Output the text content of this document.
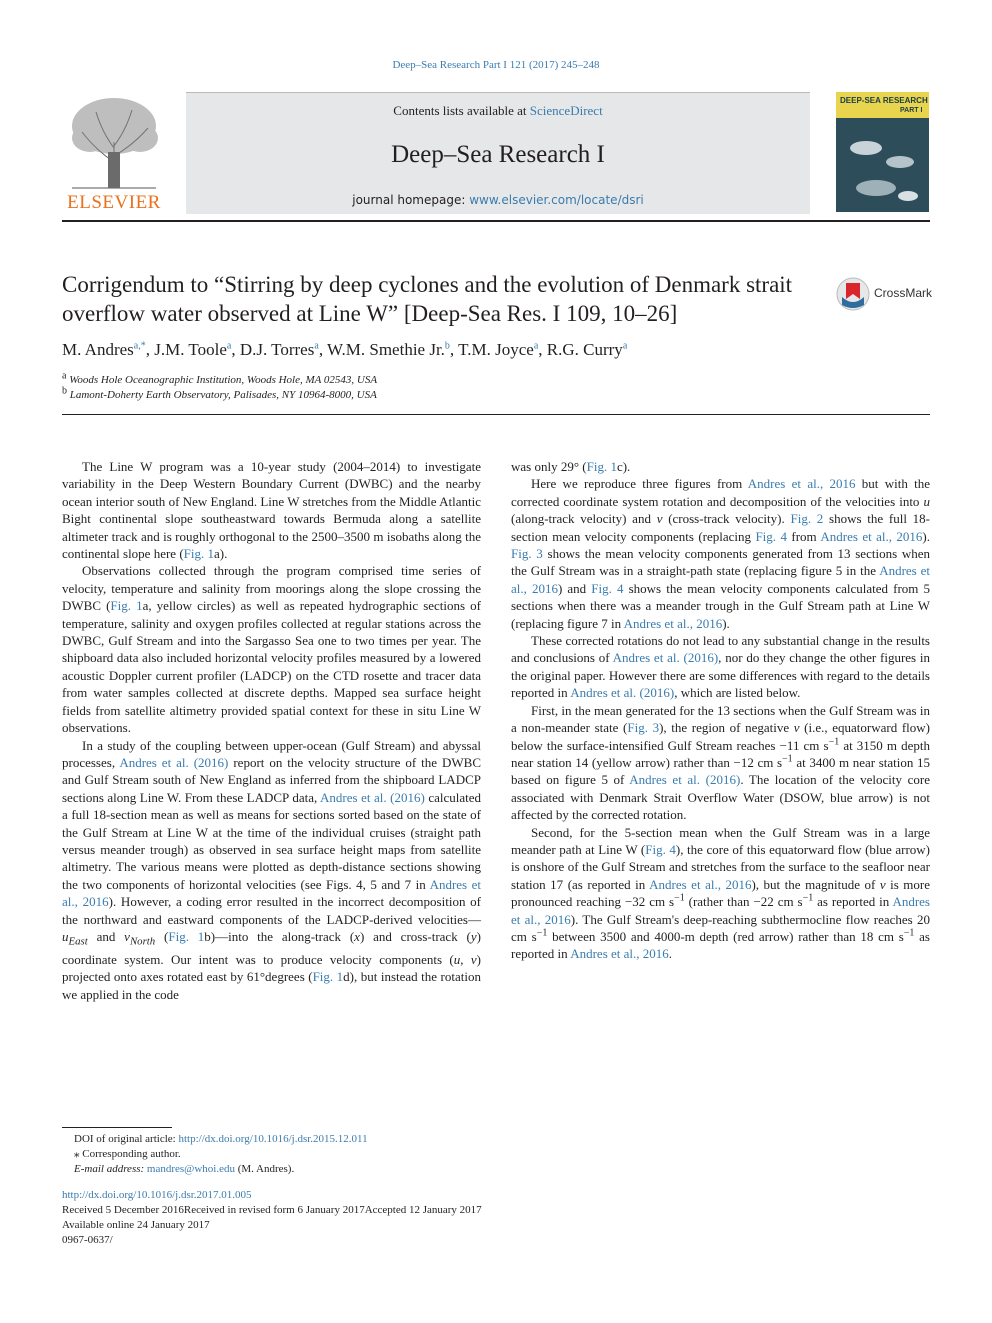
Deep–Sea Research Part I 121 (2017) 245–248
ELSEVIER
Contents lists available at ScienceDirect
Deep–Sea Research I
journal homepage: www.elsevier.com/locate/dsri
DEEP-SEA RESEARCH
PART I
Corrigendum to “Stirring by deep cyclones and the evolution of Denmark strait overflow water observed at Line W” [Deep-Sea Res. I 109, 10–26]
CrossMark
M. Andres$^{a,*}$, J.M. Toole$^a$, D.J. Torres$^a$, W.M. Smethie Jr.$^b$, T.M. Joyce$^a$, R.G. Curry$^a$
$^a$ Woods Hole Oceanographic Institution, Woods Hole, MA 02543, USA
$^b$ Lamont-Doherty Earth Observatory, Palisades, NY 10964-8000, USA

The Line W program was a 10-year study (2004–2014) to investigate variability in the Deep Western Boundary Current (DWBC) and the nearby ocean interior south of New England. Line W stretches from the Middle Atlantic Bight continental slope southeastward towards Bermuda along a satellite altimeter track and is roughly orthogonal to the 2500–3500 m isobaths along the continental slope here (Fig. 1a).

Observations collected through the program comprised time series of velocity, temperature and salinity from moorings along the slope crossing the DWBC (Fig. 1a, yellow circles) as well as repeated hydrographic sections of temperature, salinity and oxygen profiles collected at regular stations across the DWBC, Gulf Stream and into the Sargasso Sea one to two times per year. The shipboard data also included horizontal velocity profiles measured by a lowered acoustic Doppler current profiler (LADCP) on the CTD rosette and tracer data from water samples collected at discrete depths. Mapped sea surface height fields from satellite altimetry provided spatial context for these in situ Line W observations.

In a study of the coupling between upper-ocean (Gulf Stream) and abyssal processes, Andres et al. (2016) report on the velocity structure of the DWBC and Gulf Stream south of New England as inferred from the shipboard LADCP sections along Line W. From these LADCP data, Andres et al. (2016) calculated a full 18-section mean as well as means for sections sorted based on the state of the Gulf Stream at Line W at the time of the individual cruises (straight path versus meander trough) as observed in sea surface height maps from satellite altimetry. The various means were plotted as depth-distance sections showing the two components of horizontal velocities (see Figs. 4, 5 and 7 in Andres et al., 2016). However, a coding error resulted in the incorrect decomposition of the northward and eastward components of the LADCP-derived $velocities—u_{East}$ and $v_{North}$ (Fig. 1b)—into the along-track (x) and cross-track (y) coordinate system. Our intent was to produce velocity components (u, v) projected onto axes rotated east by 61°degrees (Fig. 1d), but instead the rotation we applied in the code

was only 29° (Fig. 1c).

Here we reproduce three figures from Andres et al., 2016 but with the corrected coordinate system rotation and decomposition of the velocities into u (along-track velocity) and v (cross-track velocity). Fig. 2 shows the full 18-section mean velocity components (replacing Fig. 4 from Andres et al., 2016). Fig. 3 shows the mean velocity components generated from 13 sections when the Gulf Stream was in a straight-path state (replacing figure 5 in the Andres et al., 2016) and Fig. 4 shows the mean velocity components calculated from 5 sections when there was a meander trough in the Gulf Stream path at Line W (replacing figure 7 in Andres et al., 2016).

These corrected rotations do not lead to any substantial change in the results and conclusions of Andres et al. (2016), nor do they change the other figures in the original paper. However there are some differences with regard to the details reported in Andres et al. (2016), which are listed below.

First, in the mean generated for the 13 sections when the Gulf Stream was in a non-meander state (Fig. 3), the region of negative v (i.e., equatorward flow) below the surface-intensified Gulf Stream reaches −11 cm $s^{-1}$ at 3150 m depth near station 14 (yellow arrow) rather than −12 cm $s^{-1}$ at 3400 m near station 15 based on figure 5 of Andres et al. (2016). The location of the velocity core associated with Denmark Strait Overflow Water (DSOW, blue arrow) is not affected by the corrected rotation.

Second, for the 5-section mean when the Gulf Stream was in a large meander path at Line W (Fig. 4), the core of this equatorward flow (blue arrow) is onshore of the Gulf Stream and stretches from the surface to the seafloor near station 17 (as reported in Andres et al., 2016), but the magnitude of v is more pronounced reaching −32 cm $s^{-1}$ (rather than −22 cm $s^{-1}$ as reported in Andres et al., 2016). The Gulf Stream's deep-reaching subthermocline flow reaches 20 cm $s^{-1}$ between 3500 and 4000-m depth (red arrow) rather than 18 cm $s^{-1}$ as reported in Andres et al., 2016.

DOI of original article: http://dx.doi.org/10.1016/j.dsr.2015.12.011
⁎ Corresponding author.
E-mail address: mandres@whoi.edu (M. Andres).
http://dx.doi.org/10.1016/j.dsr.2017.01.005
Received 5 December 2016Received in revised form 6 January 2017Accepted 12 January 2017
Available online 24 January 2017
0967-0637/
